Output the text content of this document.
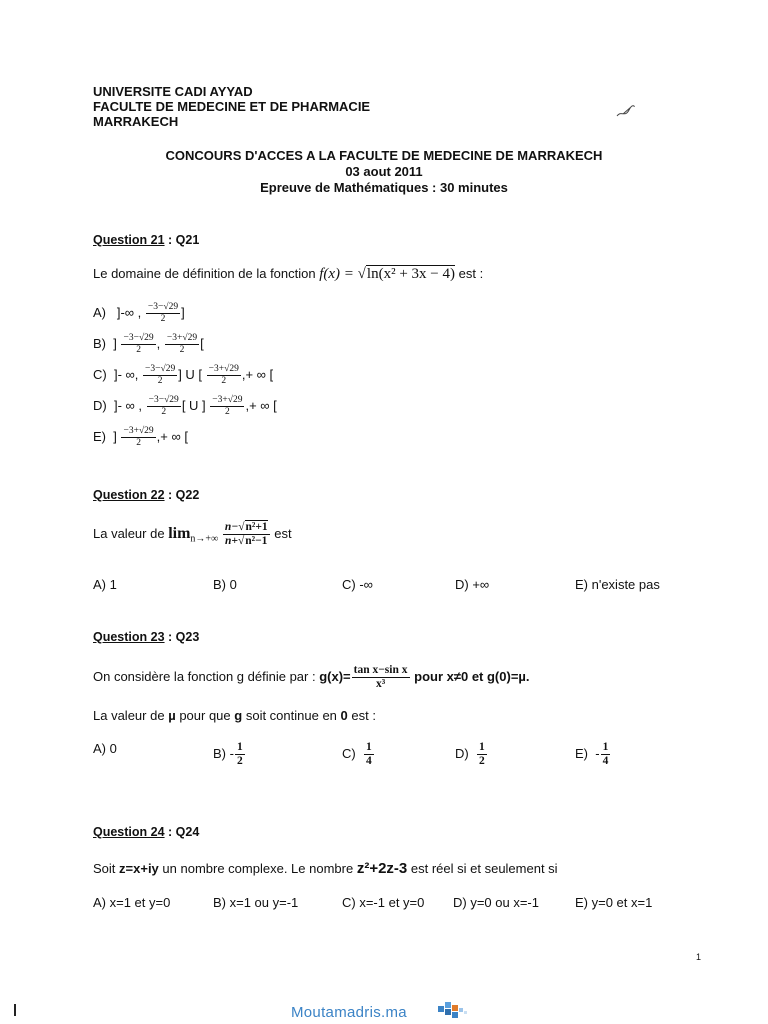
UNIVERSITE CADI AYYAD
FACULTE DE MEDECINE ET DE PHARMACIE
MARRAKECH
CONCOURS D'ACCES A LA FACULTE DE MEDECINE DE MARRAKECH
03 aout 2011
Epreuve de Mathématiques : 30 minutes
Question 21 : Q21
Le domaine de définition de la fonction f(x) = √ln(x² + 3x − 4) est :
A) ]-∞ , $\frac{-3-√29}{2}$ ]
B) ] $\frac{-3-√29}{2}$ , $\frac{-3+√29}{2}$ [
C) ]- ∞, $\frac{-3-√29}{2}$ ] U [ $\frac{-3+√29}{2}$ ,+ ∞ [
D) ]- ∞ , $\frac{-3-√29}{2}$ [ U ] $\frac{-3+√29}{2}$ ,+ ∞ [
E) ] $\frac{-3+√29}{2}$ ,+ ∞ [
Question 22 : Q22
La valeur de $\lim_{n\to+\infty} \frac{\text{n−√n²+1}}{\text{n+√n²−1}}$ est
A) 1	B) 0	C) -∞	D) +∞	E) n'existe pas
Question 23 : Q23
On considère la fonction g définie par : $g(x)= \frac{\text{tan x−sin x}}{\text{x³}}$ pour x≠0 et g(0)=µ.
La valeur de µ pour que g soit continue en 0 est :
A) 0	$B) - \frac{1}{2}$	$C) \frac{1}{4}$	$D) \frac{1}{2}$	$E) - \frac{1}{4}$
Question 24 : Q24
Soit z=x+iy un nombre complexe. Le nombre z²+2z-3 est réel si et seulement si
A) x=1 et y=0	B) x=1 ou y=-1	C) x=-1 et y=0 D) y=0 ou x=-1	E) y=0 et x=1
1
Moutamadris.ma
